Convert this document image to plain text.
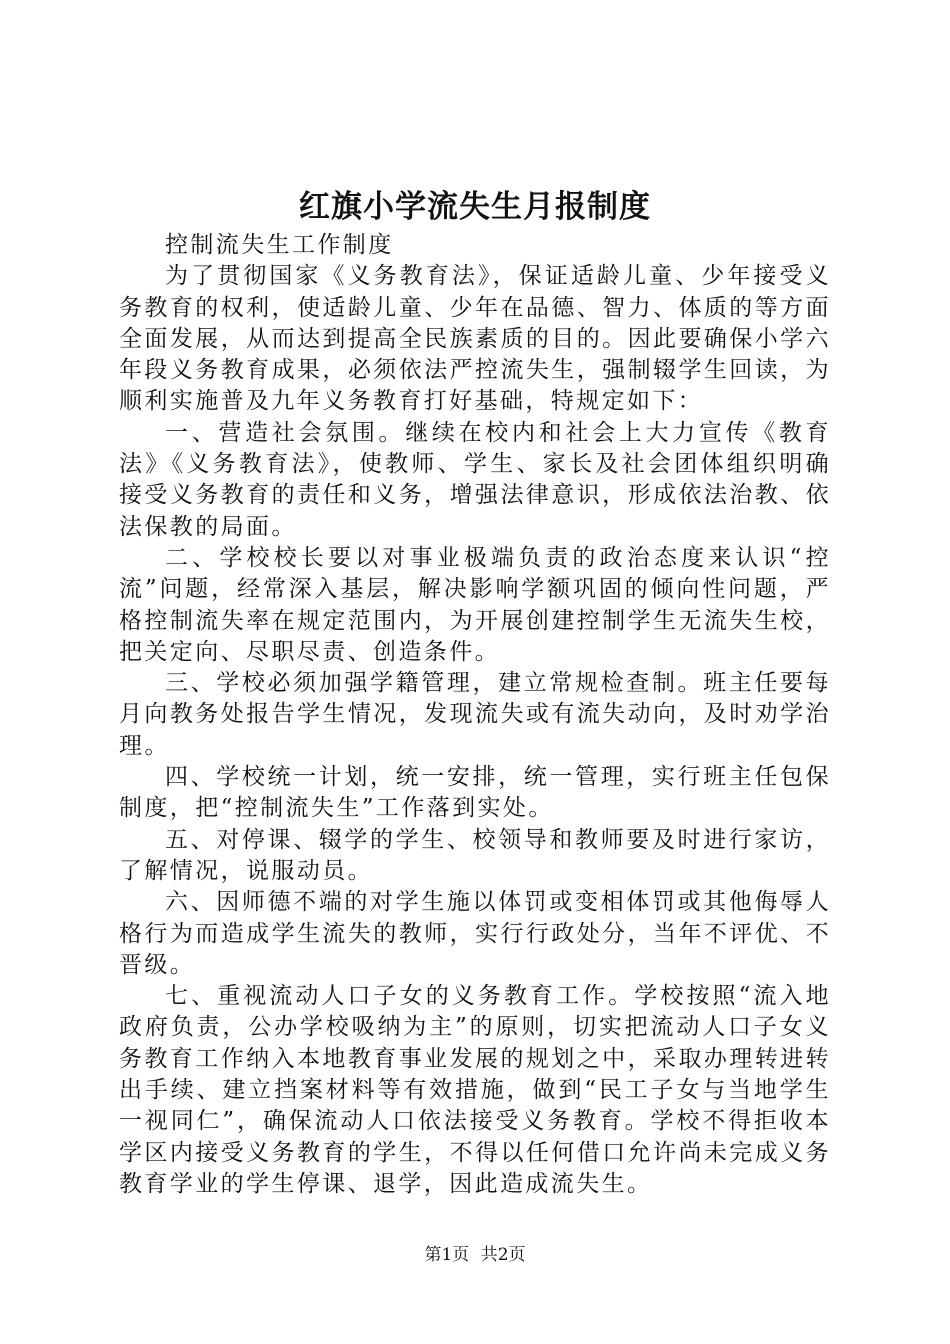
红旗小学流失生月报制度

控制流失生工作制度

为了贯彻国家《义务教育法》，保证适龄儿童、少年接受义务教育的权利，使适龄儿童、少年在品德、智力、体质的等方面全面发展，从而达到提高全民族素质的目的。因此要确保小学六年段义务教育成果，必须依法严控流失生，强制辍学生回读，为顺利实施普及九年义务教育打好基础，特规定如下：

一、营造社会氛围。继续在校内和社会上大力宣传《教育法》《义务教育法》，使教师、学生、家长及社会团体组织明确接受义务教育的责任和义务，增强法律意识，形成依法治教、依法保教的局面。

二、学校校长要以对事业极端负责的政治态度来认识“控流”问题，经常深入基层，解决影响学额巩固的倾向性问题，严格控制流失率在规定范围内，为开展创建控制学生无流失生校，把关定向、尽职尽责、创造条件。

三、学校必须加强学籍管理，建立常规检查制。班主任要每月向教务处报告学生情况，发现流失或有流失动向，及时劝学治理。

四、学校统一计划，统一安排，统一管理，实行班主任包保制度，把“控制流失生”工作落到实处。

五、对停课、辍学的学生、校领导和教师要及时进行家访，了解情况，说服动员。

六、因师德不端的对学生施以体罚或变相体罚或其他侮辱人格行为而造成学生流失的教师，实行行政处分，当年不评优、不晋级。

七、重视流动人口子女的义务教育工作。学校按照“流入地政府负责，公办学校吸纳为主”的原则，切实把流动人口子女义务教育工作纳入本地教育事业发展的规划之中，采取办理转进转出手续、建立挡案材料等有效措施，做到“民工子女与当地学生一视同仁”，确保流动人口依法接受义务教育。学校不得拒收本学区内接受义务教育的学生，不得以任何借口允许尚未完成义务教育学业的学生停课、退学，因此造成流失生。

第1页 共2页
